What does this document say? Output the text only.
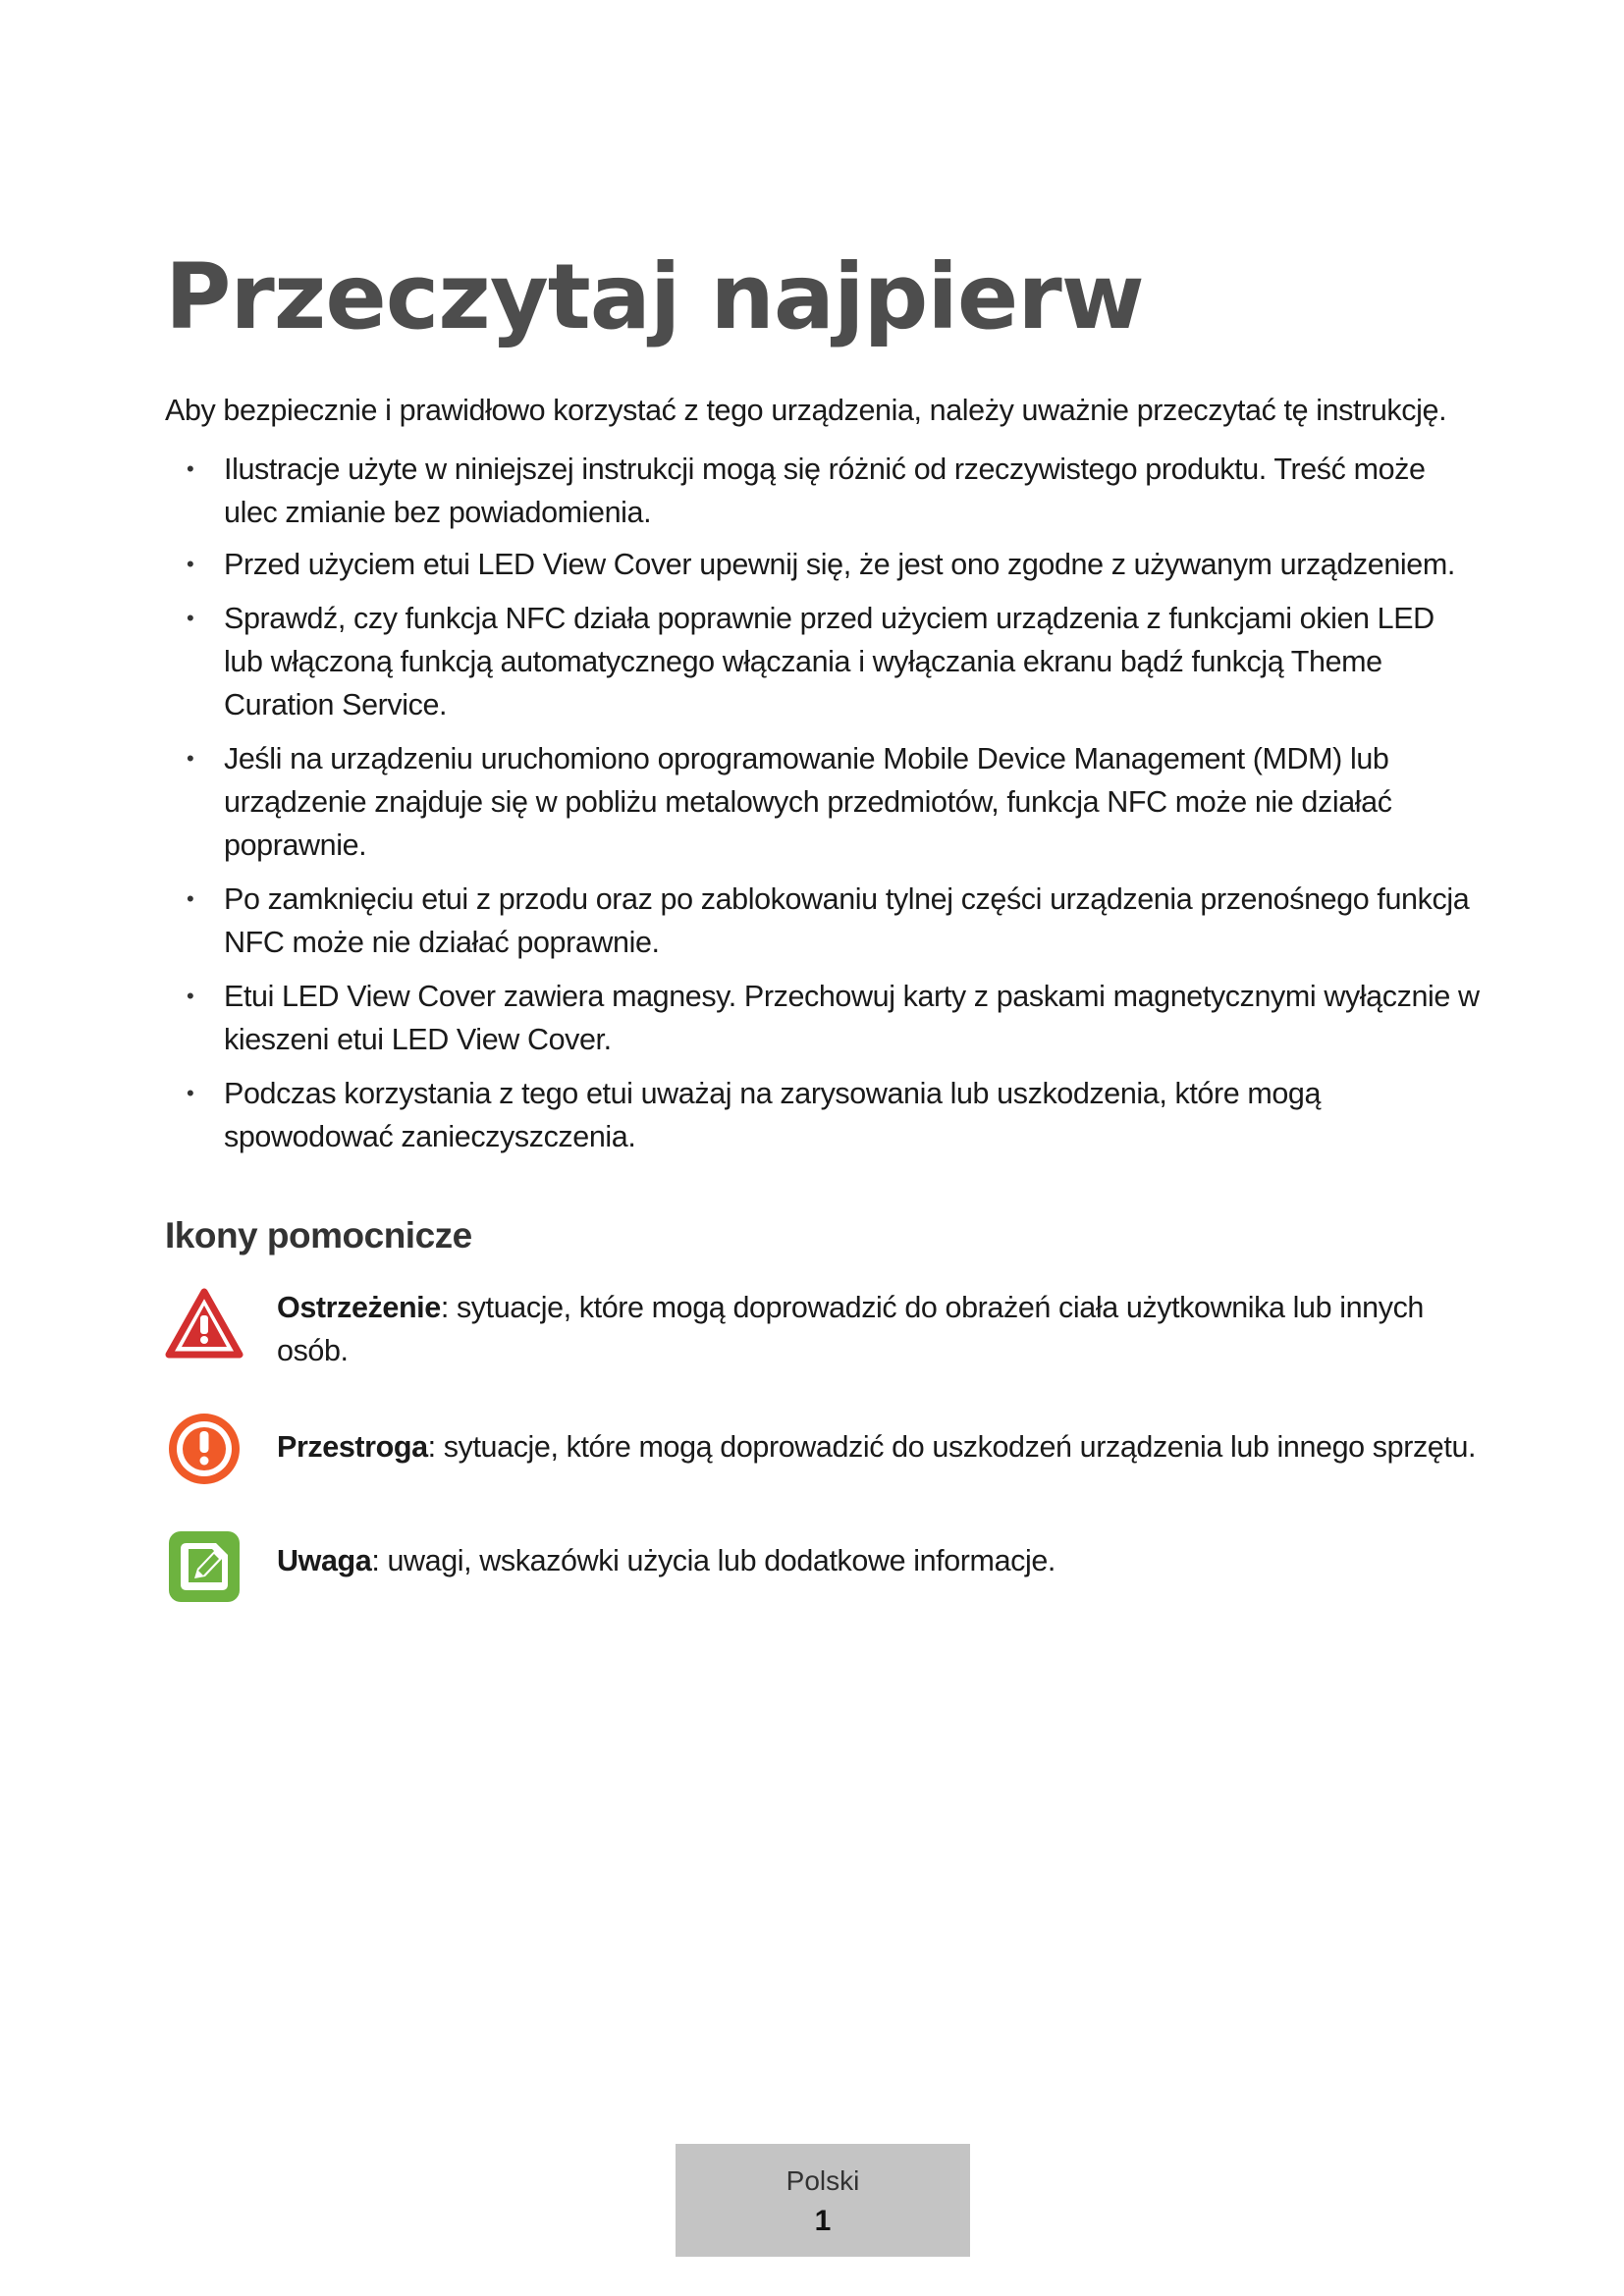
Przeczytaj najpierw

Aby bezpiecznie i prawidłowo korzystać z tego urządzenia, należy uważnie przeczytać tę instrukcję.

• Ilustracje użyte w niniejszej instrukcji mogą się różnić od rzeczywistego produktu. Treść może ulec zmianie bez powiadomienia.
• Przed użyciem etui LED View Cover upewnij się, że jest ono zgodne z używanym urządzeniem.
• Sprawdź, czy funkcja NFC działa poprawnie przed użyciem urządzenia z funkcjami okien LED lub włączoną funkcją automatycznego włączania i wyłączania ekranu bądź funkcją Theme Curation Service.
• Jeśli na urządzeniu uruchomiono oprogramowanie Mobile Device Management (MDM) lub urządzenie znajduje się w pobliżu metalowych przedmiotów, funkcja NFC może nie działać poprawnie.
• Po zamknięciu etui z przodu oraz po zablokowaniu tylnej części urządzenia przenośnego funkcja NFC może nie działać poprawnie.
• Etui LED View Cover zawiera magnesy. Przechowuj karty z paskami magnetycznymi wyłącznie w kieszeni etui LED View Cover.
• Podczas korzystania z tego etui uważaj na zarysowania lub uszkodzenia, które mogą spowodować zanieczyszczenia.
Ikony pomocnicze
Ostrzeżenie: sytuacje, które mogą doprowadzić do obrażeń ciała użytkownika lub innych osób.
Przestroga: sytuacje, które mogą doprowadzić do uszkodzeń urządzenia lub innego sprzętu.
Uwaga: uwagi, wskazówki użycia lub dodatkowe informacje.
Polski
1
